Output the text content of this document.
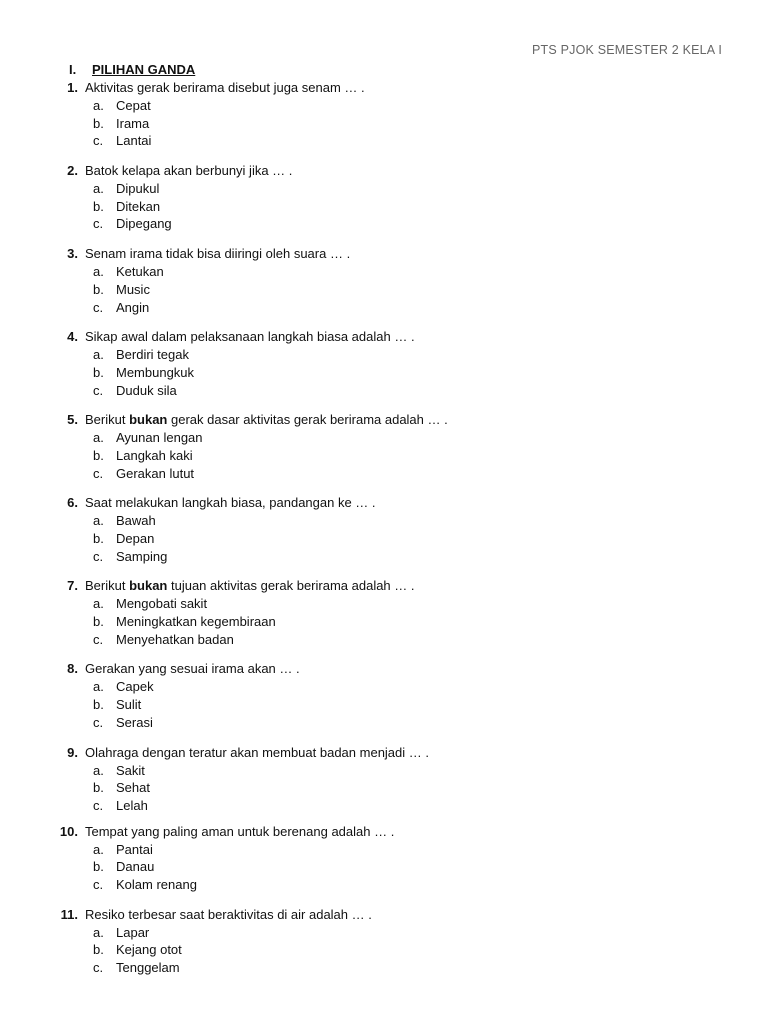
PTS PJOK SEMESTER 2 KELA I
I.	PILIHAN GANDA
1. Aktivitas gerak berirama disebut juga senam … .
a. Cepat
b. Irama
c. Lantai
2. Batok kelapa akan berbunyi jika … .
a. Dipukul
b. Ditekan
c. Dipegang
3. Senam irama tidak bisa diiringi oleh suara … .
a. Ketukan
b. Music
c. Angin
4. Sikap awal dalam pelaksanaan langkah biasa adalah … .
a. Berdiri tegak
b. Membungkuk
c. Duduk sila
5. Berikut bukan gerak dasar aktivitas gerak berirama adalah … .
a. Ayunan lengan
b. Langkah kaki
c. Gerakan lutut
6. Saat melakukan langkah biasa, pandangan ke … .
a. Bawah
b. Depan
c. Samping
7. Berikut bukan tujuan aktivitas gerak berirama adalah … .
a. Mengobati sakit
b. Meningkatkan kegembiraan
c. Menyehatkan badan
8. Gerakan yang sesuai irama akan … .
a. Capek
b. Sulit
c. Serasi
9. Olahraga dengan teratur akan membuat badan menjadi … .
a. Sakit
b. Sehat
c. Lelah
10. Tempat yang paling aman untuk berenang adalah … .
a. Pantai
b. Danau
c. Kolam renang
11. Resiko terbesar saat beraktivitas di air adalah … .
a. Lapar
b. Kejang otot
c. Tenggelam
